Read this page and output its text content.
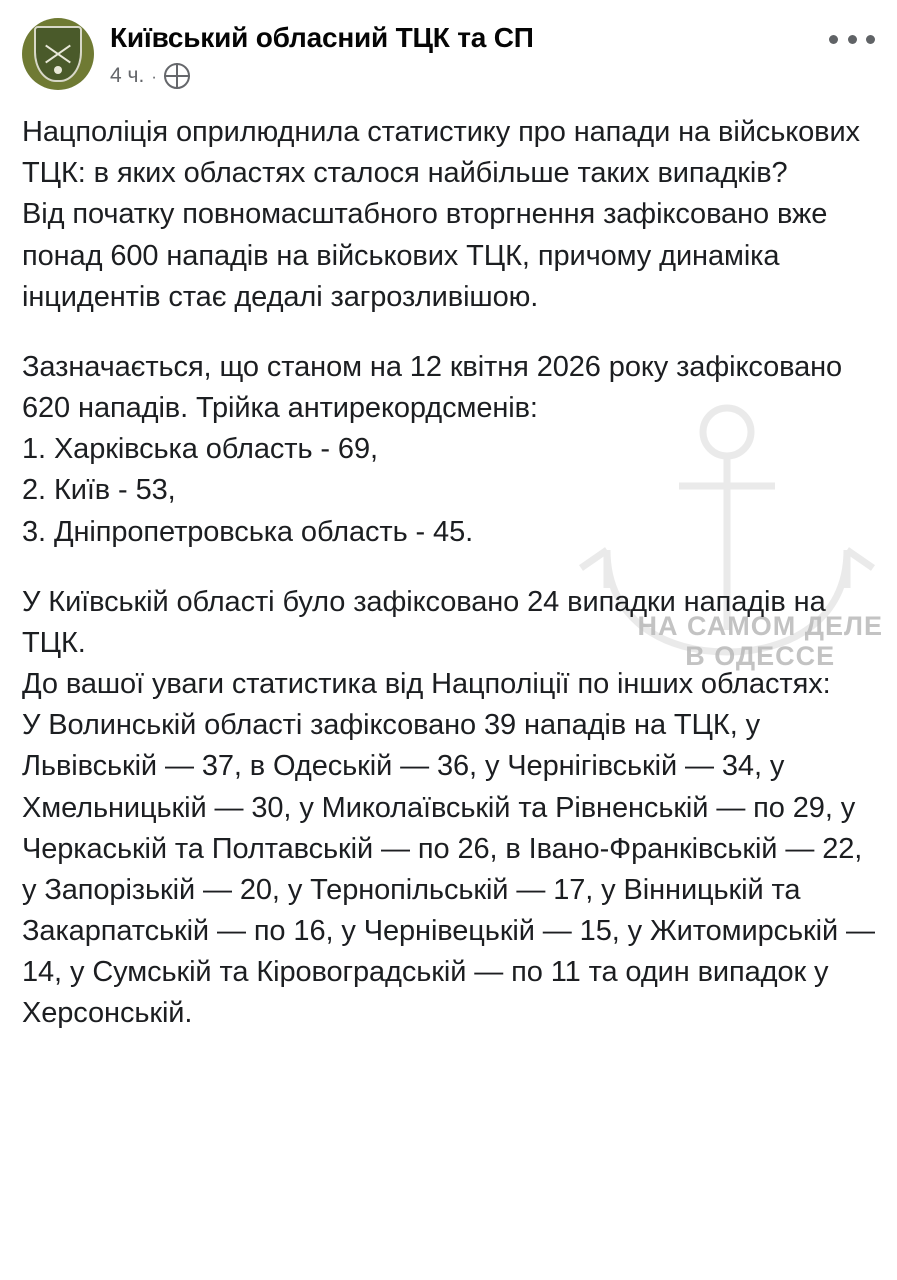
Київський обласний ТЦК та СП
4 ч. ·
НА САМОМ ДЕЛЕ
В ОДЕССЕ

Нацполіція оприлюднила статистику про напади на військових ТЦК: в яких областях сталося найбільше таких випадків?

Від початку повномасштабного вторгнення зафіксовано вже понад 600 нападів на військових ТЦК, причому динаміка інцидентів стає дедалі загрозливішою.

Зазначається, що станом на 12 квітня 2026 року зафіксовано 620 нападів. Трійка антирекордсменів:

1. Харківська область - 69,

2. Київ - 53,

3. Дніпропетровська область - 45.

У Київській області було зафіксовано 24 випадки нападів на ТЦК.

До вашої уваги статистика від Нацполіції по інших областях:

У Волинській області зафіксовано 39 нападів на ТЦК, у Львівській — 37, в Одеській — 36, у Чернігівській — 34, у Хмельницькій — 30, у Миколаївській та Рівненській — по 29, у Черкаській та Полтавській — по 26, в Івано-Франківській — 22, у Запорізькій — 20, у Тернопільській — 17, у Вінницькій та Закарпатській — по 16, у Чернівецькій — 15, у Житомирській — 14, у Сумській та Кіровоградській — по 11 та один випадок у Херсонській.
